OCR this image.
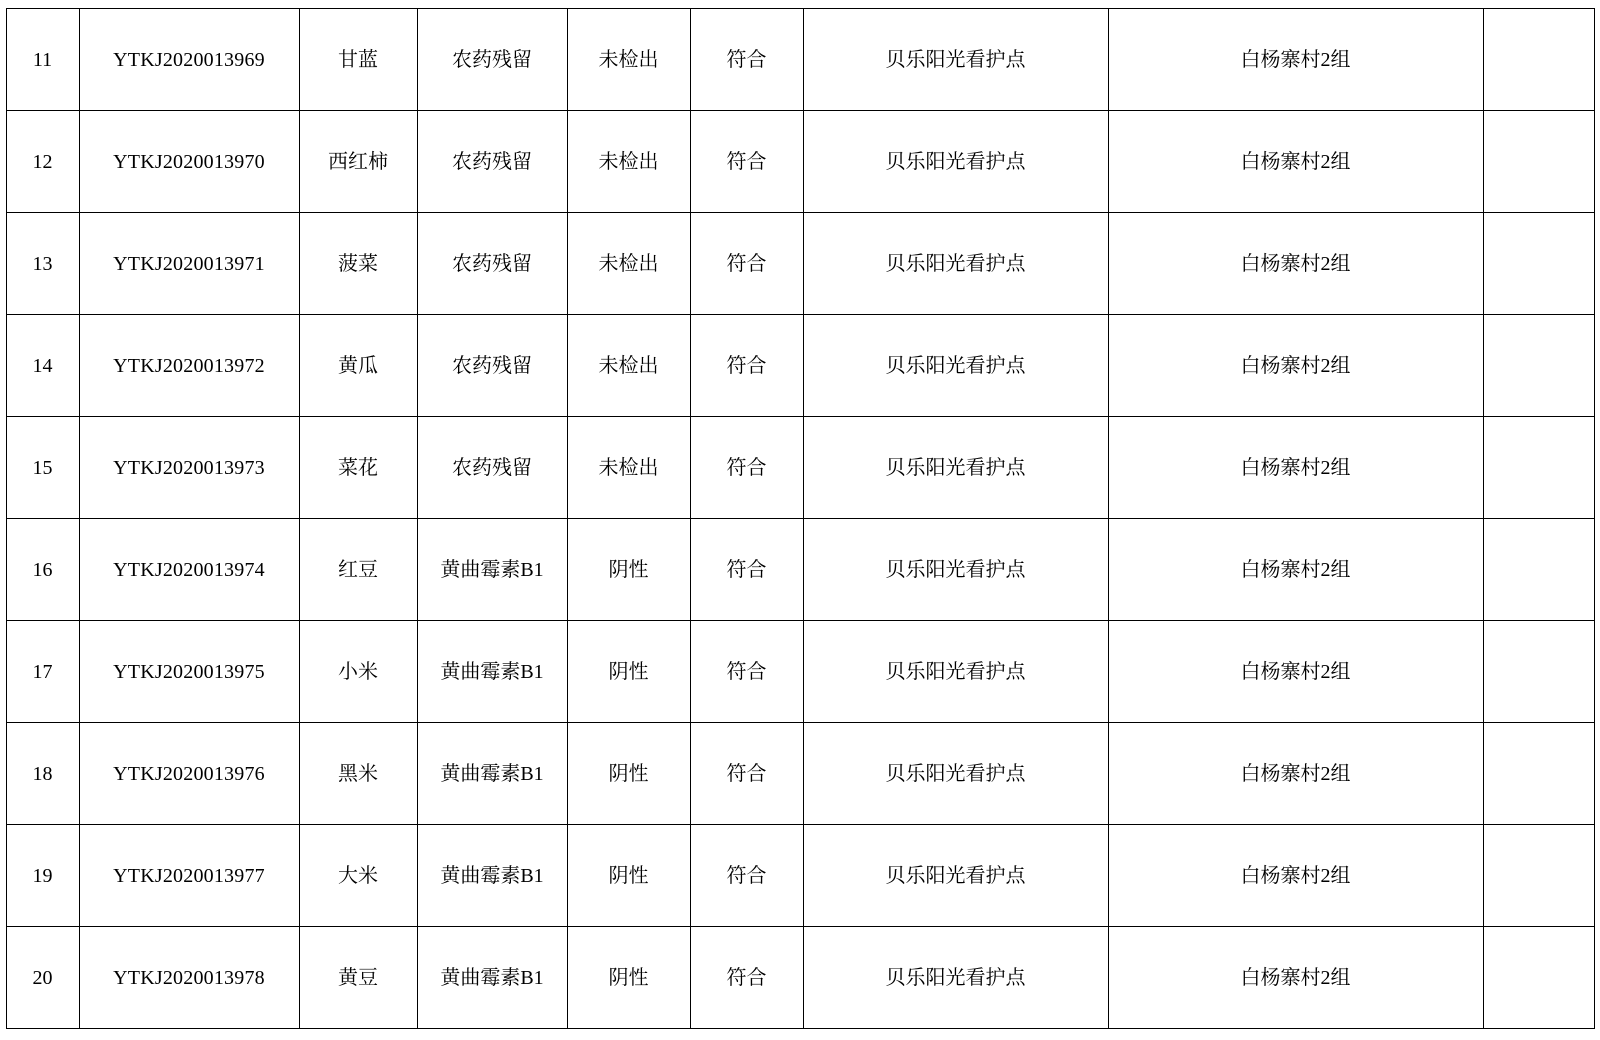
11	YTKJ2020013969	甘蓝	农药残留	未检出	符合	贝乐阳光看护点	白杨寨村2组	
12	YTKJ2020013970	西红柿	农药残留	未检出	符合	贝乐阳光看护点	白杨寨村2组	
13	YTKJ2020013971	菠菜	农药残留	未检出	符合	贝乐阳光看护点	白杨寨村2组	
14	YTKJ2020013972	黄瓜	农药残留	未检出	符合	贝乐阳光看护点	白杨寨村2组	
15	YTKJ2020013973	菜花	农药残留	未检出	符合	贝乐阳光看护点	白杨寨村2组	
16	YTKJ2020013974	红豆	黄曲霉素B1	阴性	符合	贝乐阳光看护点	白杨寨村2组	
17	YTKJ2020013975	小米	黄曲霉素B1	阴性	符合	贝乐阳光看护点	白杨寨村2组	
18	YTKJ2020013976	黑米	黄曲霉素B1	阴性	符合	贝乐阳光看护点	白杨寨村2组	
19	YTKJ2020013977	大米	黄曲霉素B1	阴性	符合	贝乐阳光看护点	白杨寨村2组	
20	YTKJ2020013978	黄豆	黄曲霉素B1	阴性	符合	贝乐阳光看护点	白杨寨村2组	
